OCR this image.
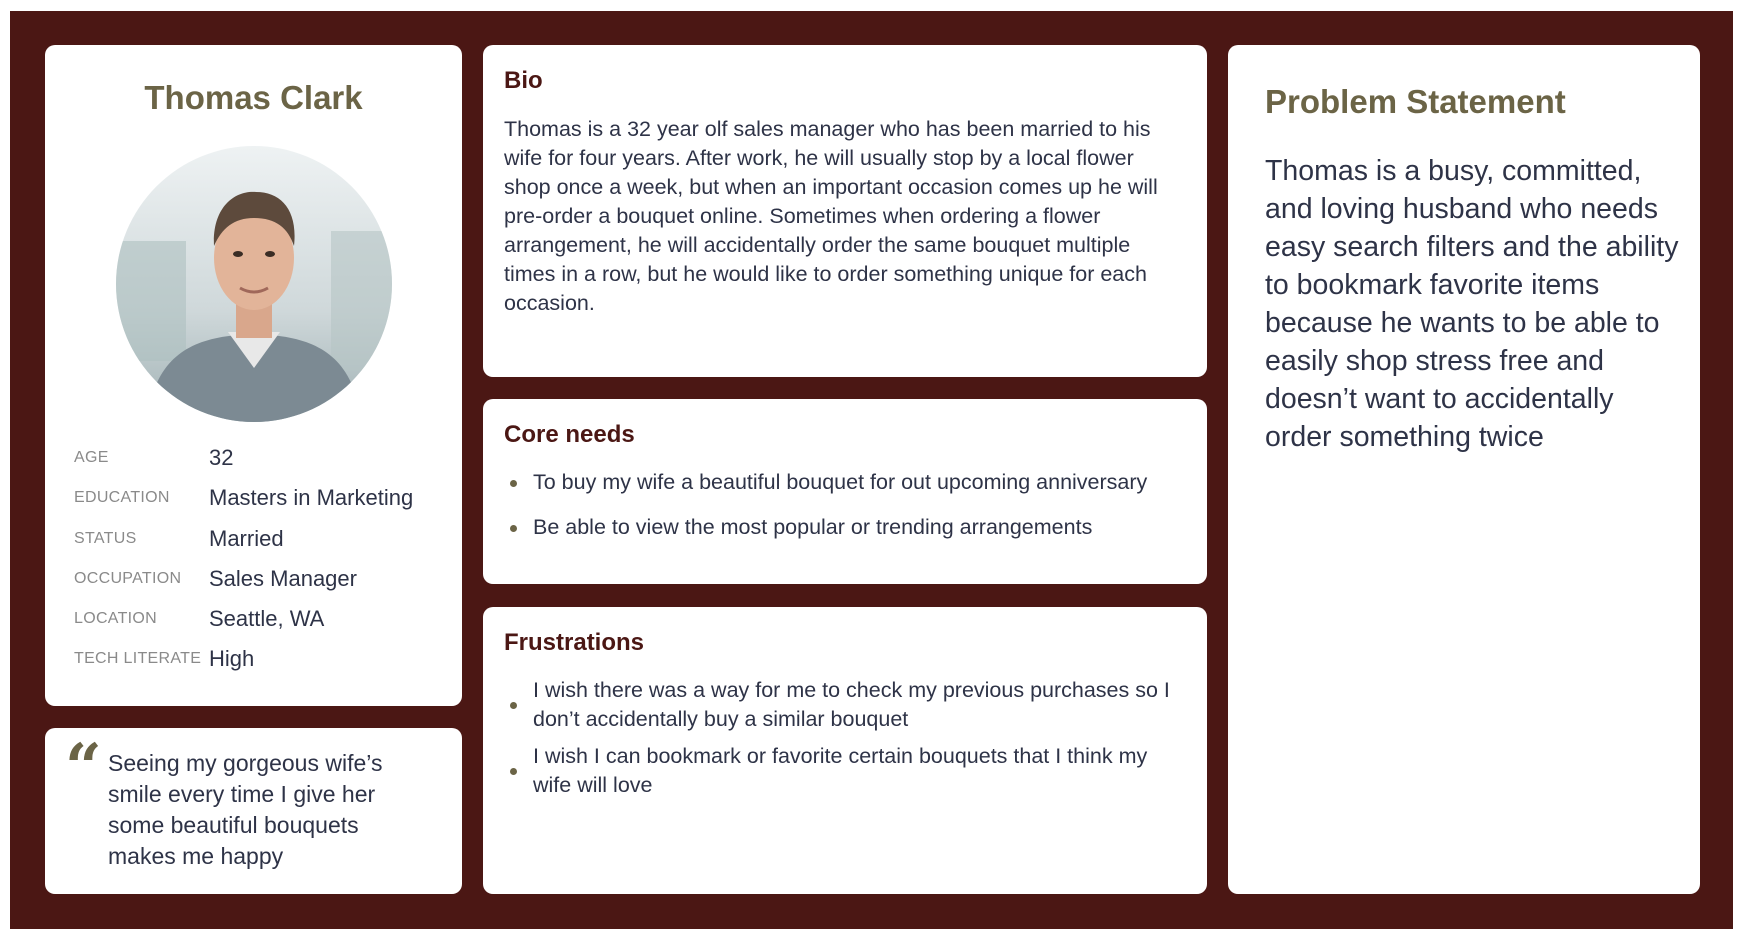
Thomas Clark
AGE	32
EDUCATION Masters in Marketing
STATUS	Married
OCCUPATION Sales Manager
LOCATION Seattle, WA
TECH LITERATE High
“ Seeing my gorgeous wife’s smile every time I give her some beautiful bouquets makes me happy

Bio

Thomas is a 32 year olf sales manager who has been married to his wife for four years. After work, he will usually stop by a local flower shop once a week, but when an important occasion comes up he will pre-order a bouquet online. Sometimes when ordering a flower arrangement, he will accidentally order the same bouquet multiple times in a row, but he would like to order something unique for each occasion.

Core needs
To buy my wife a beautiful bouquet for out upcoming anniversary
Be able to view the most popular or trending arrangements
Frustrations
I wish there was a way for me to check my previous purchases so I don’t accidentally buy a similar bouquet
I wish I can bookmark or favorite certain bouquets that I think my wife will love
Problem Statement

Thomas is a busy, committed, and loving husband who needs easy search filters and the ability to bookmark favorite items because he wants to be able to easily shop stress free and doesn’t want to accidentally order something twice
